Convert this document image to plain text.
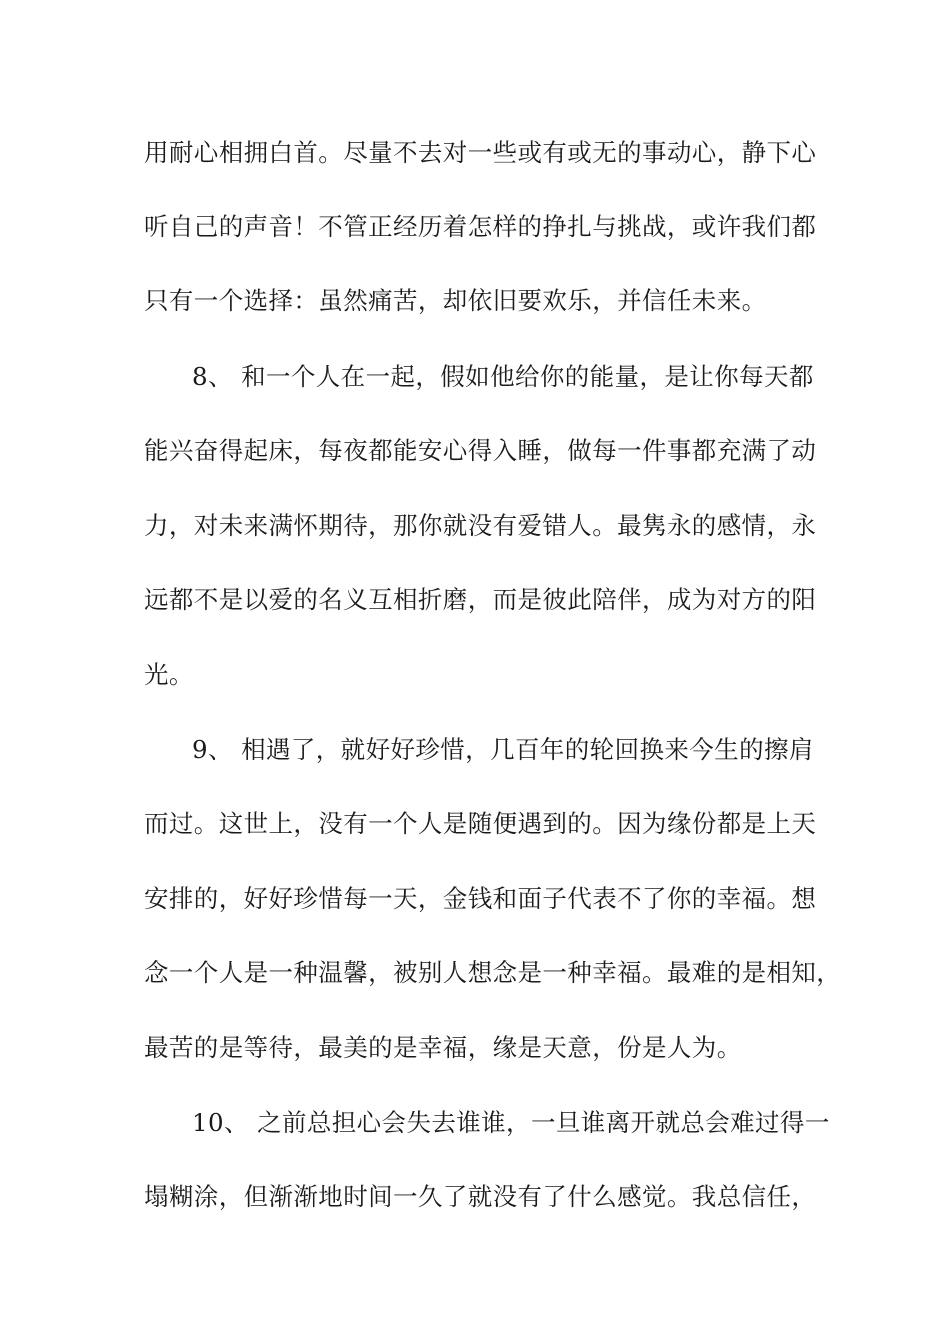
用耐心相拥白首。尽量不去对一些或有或无的事动心，静下心
听自己的声音！不管正经历着怎样的挣扎与挑战，或许我们都
只有一个选择：虽然痛苦，却依旧要欢乐，并信任未来。
8、 和一个人在一起，假如他给你的能量，是让你每天都
能兴奋得起床，每夜都能安心得入睡，做每一件事都充满了动
力，对未来满怀期待，那你就没有爱错人。最隽永的感情，永
远都不是以爱的名义互相折磨，而是彼此陪伴，成为对方的阳
光。
9、 相遇了，就好好珍惜，几百年的轮回换来今生的擦肩
而过。这世上，没有一个人是随便遇到的。因为缘份都是上天
安排的，好好珍惜每一天，金钱和面子代表不了你的幸福。想
念一个人是一种温馨，被别人想念是一种幸福。最难的是相知，
最苦的是等待，最美的是幸福，缘是天意，份是人为。
10、 之前总担心会失去谁谁，一旦谁离开就总会难过得一
塌糊涂，但渐渐地时间一久了就没有了什么感觉。我总信任，
